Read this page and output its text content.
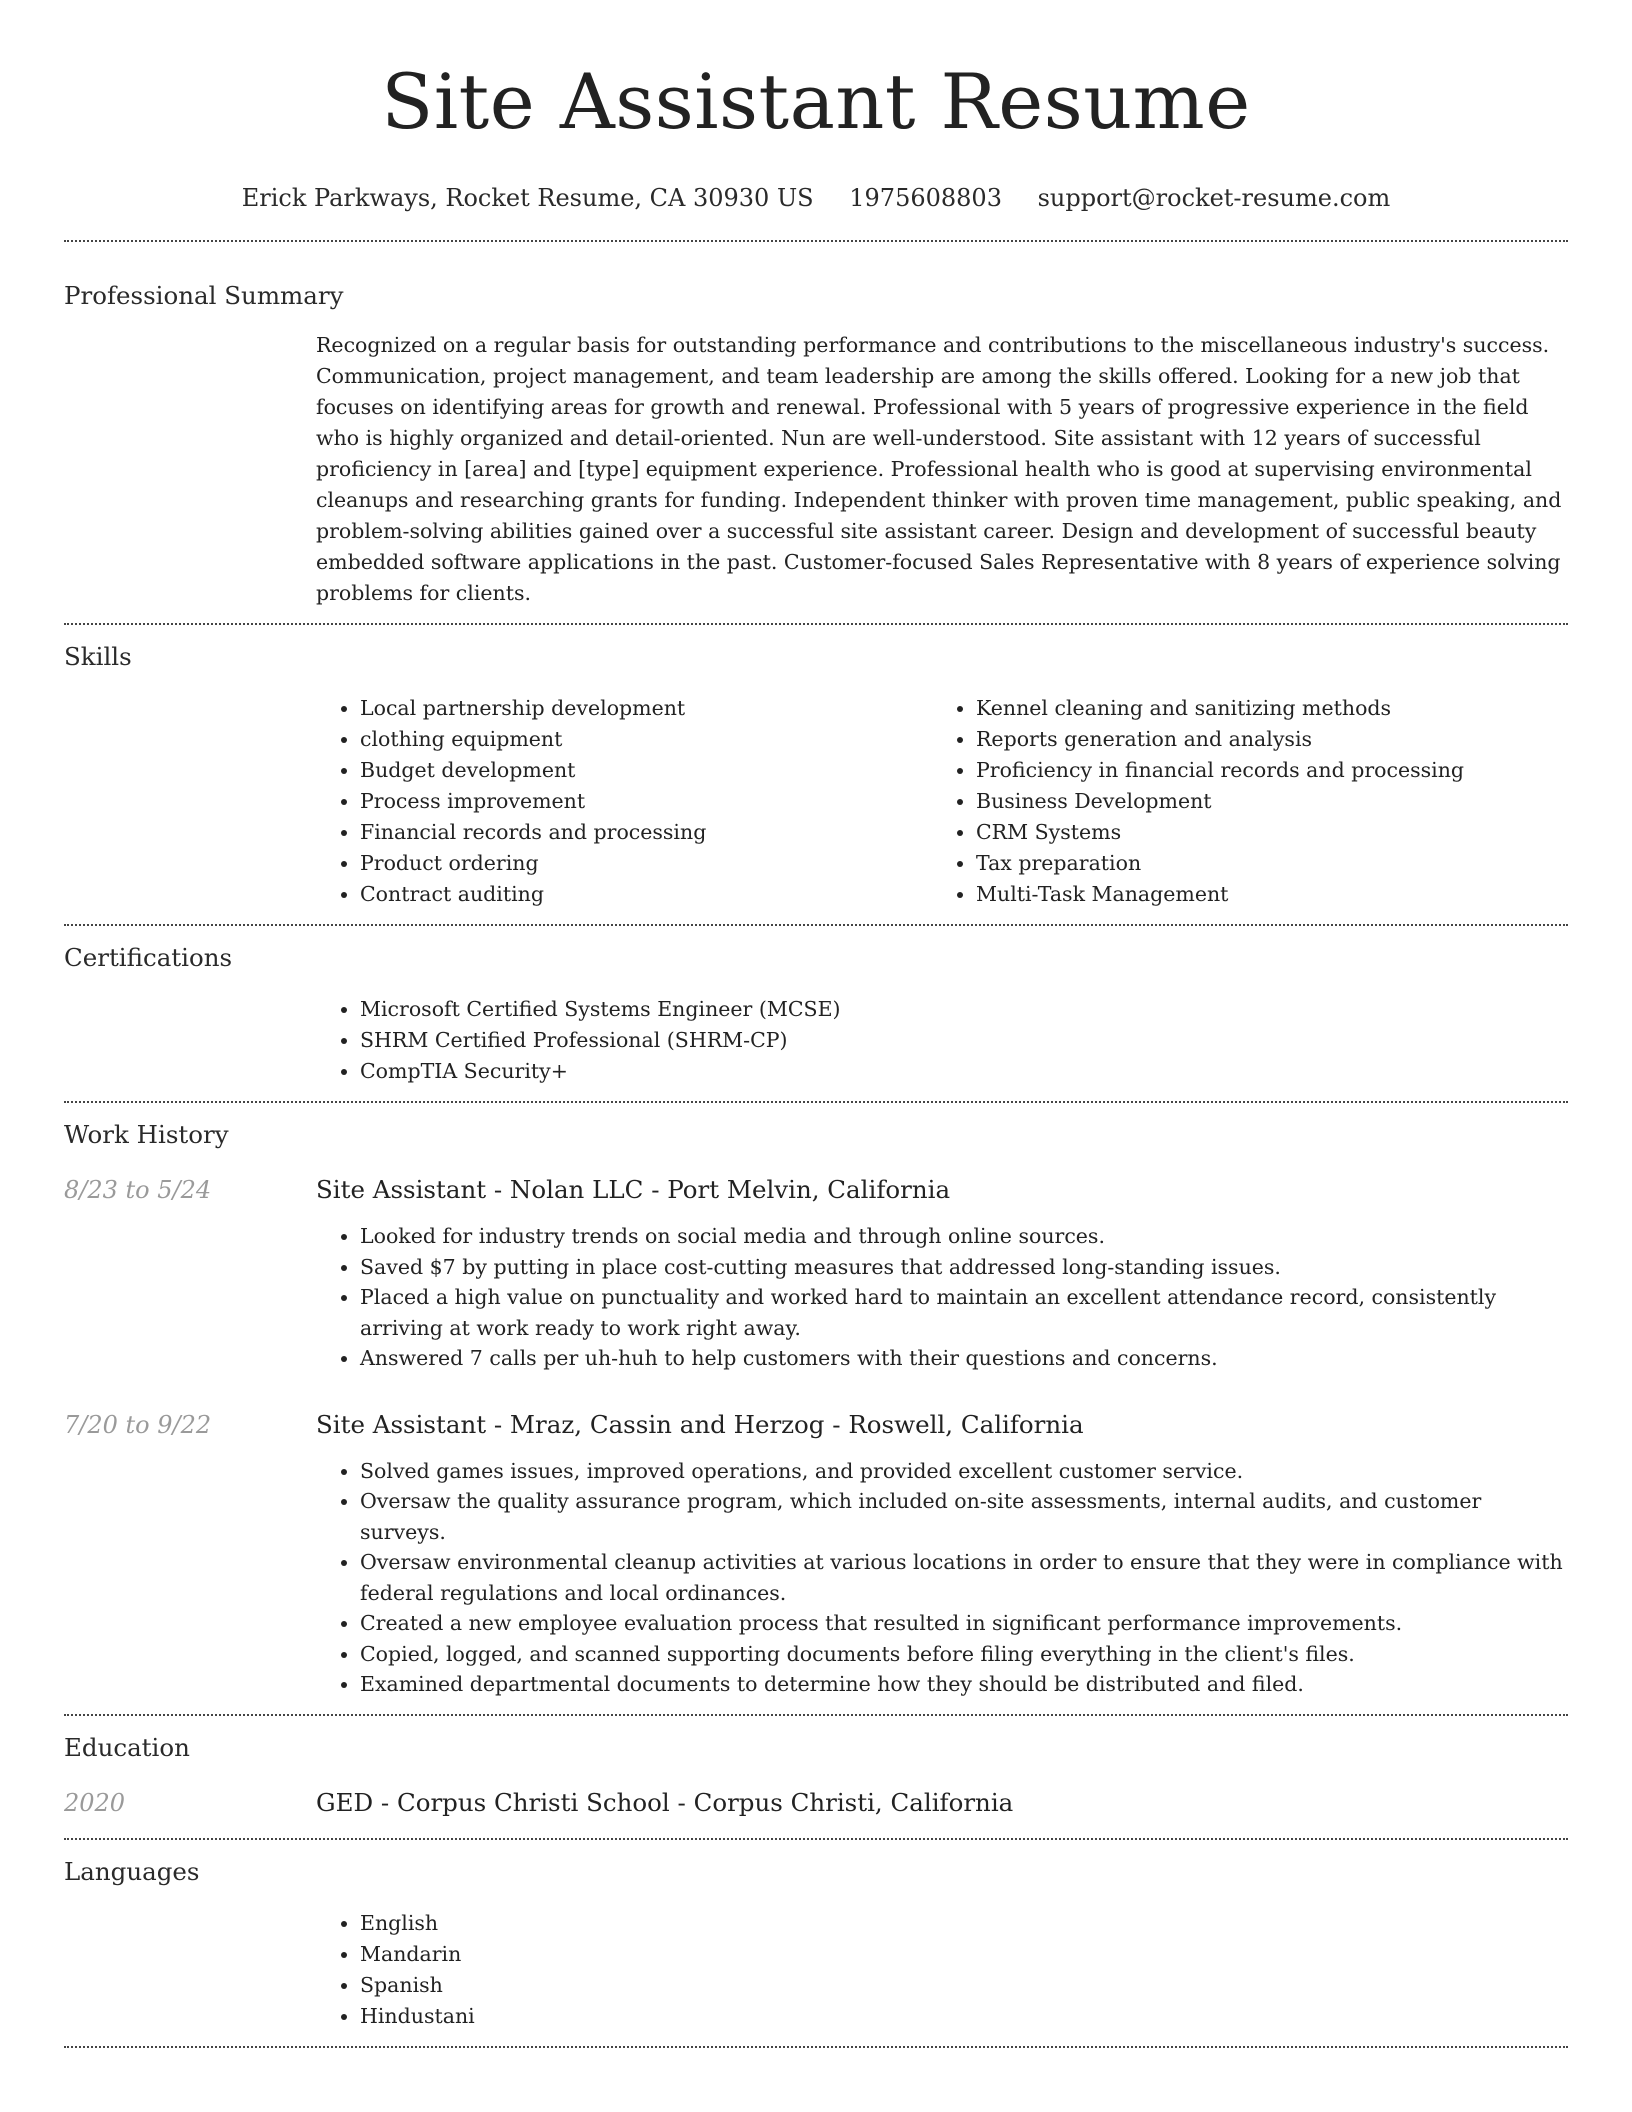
Site Assistant Resume
Erick Parkways, Rocket Resume, CA 30930 US 1975608803 support@rocket-resume.com
Professional Summary

Recognized on a regular basis for outstanding performance and contributions to the miscellaneous industry's success. Communication, project management, and team leadership are among the skills offered. Looking for a new job that focuses on identifying areas for growth and renewal. Professional with 5 years of progressive experience in the field who is highly organized and detail-oriented. Nun are well-understood. Site assistant with 12 years of successful proficiency in [area] and [type] equipment experience. Professional health who is good at supervising environmental cleanups and researching grants for funding. Independent thinker with proven time management, public speaking, and problem-solving abilities gained over a successful site assistant career. Design and development of successful beauty embedded software applications in the past. Customer-focused Sales Representative with 8 years of experience solving problems for clients.

Skills
• Local partnership development
• clothing equipment
• Budget development
• Process improvement
• Financial records and processing
• Product ordering
• Contract auditing
• Kennel cleaning and sanitizing methods
• Reports generation and analysis
• Proficiency in financial records and processing
• Business Development
• CRM Systems
• Tax preparation
• Multi-Task Management
Certifications
• Microsoft Certified Systems Engineer (MCSE)
• SHRM Certified Professional (SHRM-CP)
• CompTIA Security+
Work History
8/23 to 5/24	Site Assistant - Nolan LLC - Port Melvin, California
• Looked for industry trends on social media and through online sources.
• Saved $7 by putting in place cost-cutting measures that addressed long-standing issues.
• Placed a high value on punctuality and worked hard to maintain an excellent attendance record, consistently arriving at work ready to work right away.
• Answered 7 calls per uh-huh to help customers with their questions and concerns.
7/20 to 9/22	Site Assistant - Mraz, Cassin and Herzog - Roswell, California
• Solved games issues, improved operations, and provided excellent customer service.
• Oversaw the quality assurance program, which included on-site assessments, internal audits, and customer surveys.
• Oversaw environmental cleanup activities at various locations in order to ensure that they were in compliance with federal regulations and local ordinances.
• Created a new employee evaluation process that resulted in significant performance improvements.
• Copied, logged, and scanned supporting documents before filing everything in the client's files.
• Examined departmental documents to determine how they should be distributed and filed.
Education
2020	GED - Corpus Christi School - Corpus Christi, California
Languages
• English
• Mandarin
• Spanish
• Hindustani
